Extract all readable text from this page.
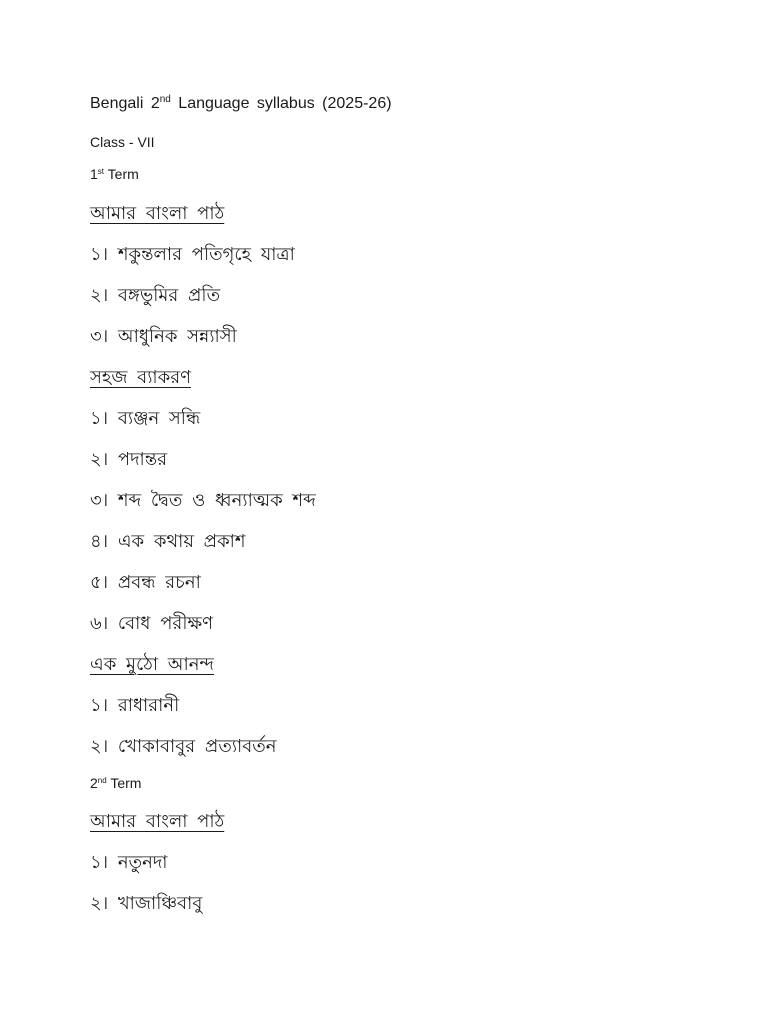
Bengali 2nd Language syllabus (2025-26)
Class - VII
1st Term
আমার বাংলা পাঠ
১। শকুন্তলার পতিগৃহে যাত্রা
২। বঙ্গভুমির প্রতি
৩। আধুনিক সন্ন্যাসী
সহজ ব্যাকরণ
১। ব্যঞ্জন সন্ধি
২। পদান্তর
৩। শব্দ দ্বৈত ও ধ্বন্যাত্মক শব্দ
৪। এক কথায় প্রকাশ
৫। প্রবন্ধ রচনা
৬। বোধ পরীক্ষণ
এক মুঠো আনন্দ
১। রাধারানী
২। খোকাবাবুর প্রত্যাবর্তন
2nd Term
আমার বাংলা পাঠ
১। নতুনদা
২। খাজাঞ্চিবাবু
